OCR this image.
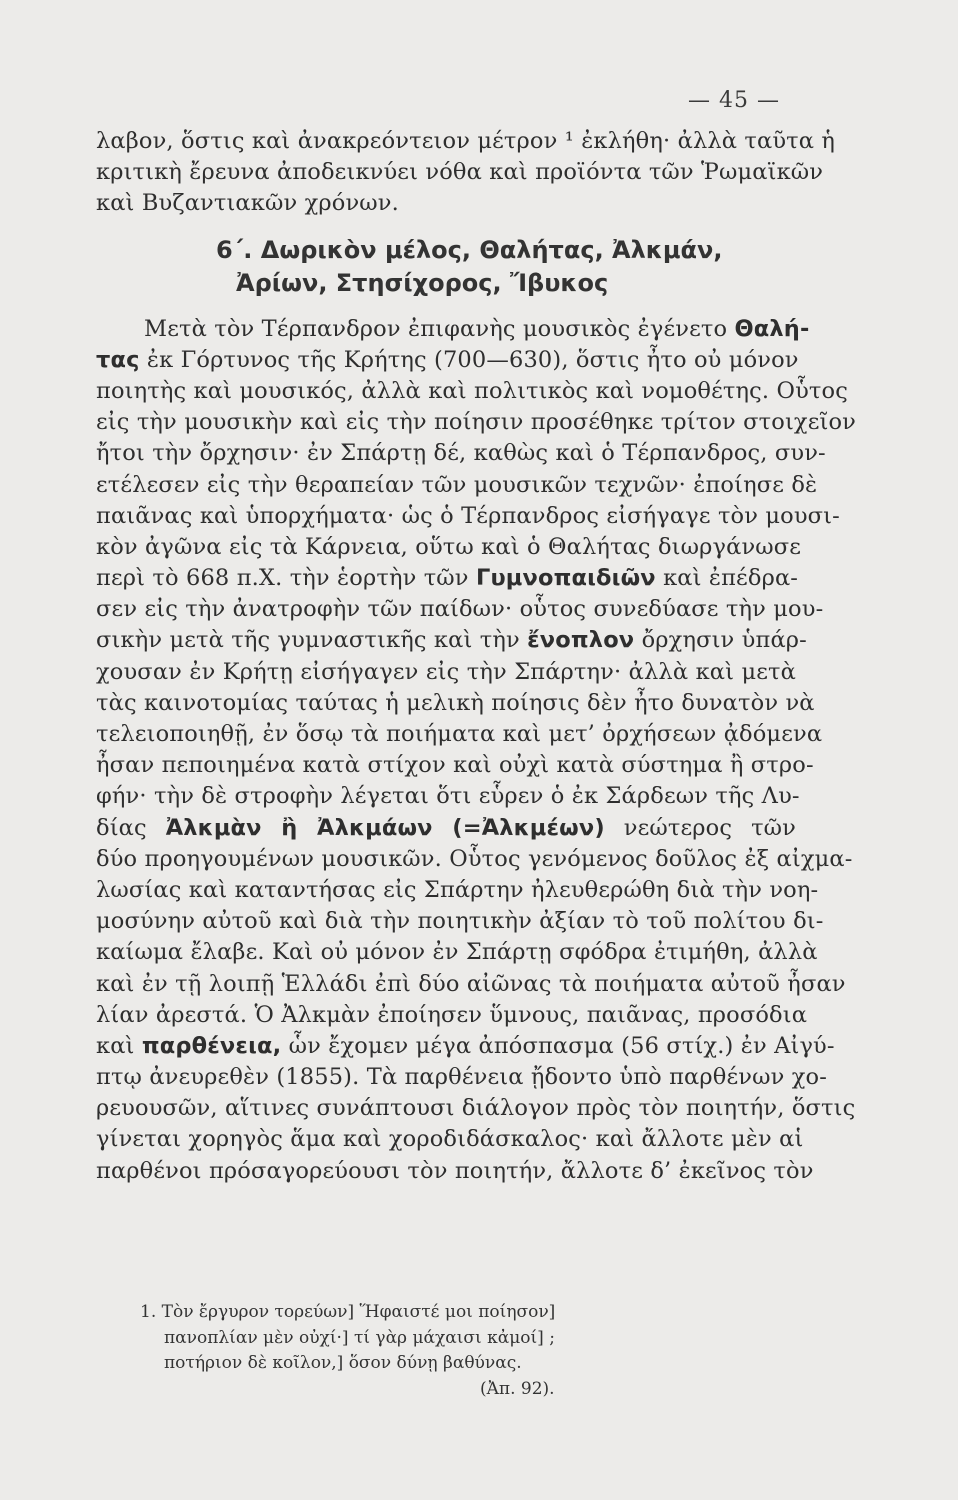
— 45 —
λαβον, ὅστις καὶ ἀνακρεόντειον μέτρον ¹ ἐκλήθη· ἀλλὰ ταῦτα ἡ
κριτικὴ ἔρευνα ἀποδεικνύει νόθα καὶ προϊόντα τῶν Ῥωμαϊκῶν
καὶ Βυζαντιακῶν χρόνων.
6΄. Δωρικὸν μέλος, Θαλήτας, Ἀλκμάν,
Ἀρίων, Στησίχορος, Ἴβυκος
Μετὰ τὸν Τέρπανδρον ἐπιφανὴς μουσικὸς ἐγένετο Θαλή-
τας ἐκ Γόρτυνος τῆς Κρήτης (700—630), ὅστις ἦτο οὐ μόνον
ποιητὴς καὶ μουσικός, ἀλλὰ καὶ πολιτικὸς καὶ νομοθέτης. Οὗτος
εἰς τὴν μουσικὴν καὶ εἰς τὴν ποίησιν προσέθηκε τρίτον στοιχεῖον
ἤτοι τὴν ὄρχησιν· ἐν Σπάρτῃ δέ, καθὼς καὶ ὁ Τέρπανδρος, συν-
ετέλεσεν εἰς τὴν θεραπείαν τῶν μουσικῶν τεχνῶν· ἐποίησε δὲ
παιᾶνας καὶ ὑπορχήματα· ὡς ὁ Τέρπανδρος εἰσήγαγε τὸν μουσι-
κὸν ἀγῶνα εἰς τὰ Κάρνεια, οὕτω καὶ ὁ Θαλήτας διωργάνωσε
περὶ τὸ 668 π.Χ. τὴν ἑορτὴν τῶν Γυμνοπαιδιῶν καὶ ἐπέδρα-
σεν εἰς τὴν ἀνατροφὴν τῶν παίδων· οὗτος συνεδύασε τὴν μου-
σικὴν μετὰ τῆς γυμναστικῆς καὶ τὴν ἔνοπλον ὄρχησιν ὑπάρ-
χουσαν ἐν Κρήτῃ εἰσήγαγεν εἰς τὴν Σπάρτην· ἀλλὰ καὶ μετὰ
τὰς καινοτομίας ταύτας ἡ μελικὴ ποίησις δὲν ἦτο δυνατὸν νὰ
τελειοποιηθῇ, ἐν ὅσῳ τὰ ποιήματα καὶ μετ’ ὀρχήσεων ᾀδόμενα
ἦσαν πεποιημένα κατὰ στίχον καὶ οὐχὶ κατὰ σύστημα ἢ στρο-
φήν· τὴν δὲ στροφὴν λέγεται ὅτι εὗρεν ὁ ἐκ Σάρδεων τῆς Λυ-
δίας Ἀλκμὰν ἢ Ἀλκμάων (=Ἀλκμέων) νεώτερος τῶν
δύο προηγουμένων μουσικῶν. Οὗτος γενόμενος δοῦλος ἐξ αἰχμα-
λωσίας καὶ καταντήσας εἰς Σπάρτην ἠλευθερώθη διὰ τὴν νοη-
μοσύνην αὐτοῦ καὶ διὰ τὴν ποιητικὴν ἀξίαν τὸ τοῦ πολίτου δι-
καίωμα ἔλαβε. Καὶ οὐ μόνον ἐν Σπάρτῃ σφόδρα ἐτιμήθη, ἀλλὰ
καὶ ἐν τῇ λοιπῇ Ἑλλάδι ἐπὶ δύο αἰῶνας τὰ ποιήματα αὐτοῦ ἦσαν
λίαν ἀρεστά. Ὁ Ἀλκμὰν ἐποίησεν ὕμνους, παιᾶνας, προσόδια
καὶ παρθένεια, ὧν ἔχομεν μέγα ἀπόσπασμα (56 στίχ.) ἐν Αἰγύ-
πτῳ ἀνευρεθὲν (1855). Τὰ παρθένεια ᾔδοντο ὑπὸ παρθένων χο-
ρευουσῶν, αἵτινες συνάπτουσι διάλογον πρὸς τὸν ποιητήν, ὅστις
γίνεται χορηγὸς ἅμα καὶ χοροδιδάσκαλος· καὶ ἄλλοτε μὲν αἱ
παρθένοι πρόσαγορεύουσι τὸν ποιητήν, ἄλλοτε δ’ ἐκεῖνος τὸν
1. Τὸν ἔργυρον τορεύων] Ἥφαιστέ μοι ποίησον]
πανοπλίαν μὲν οὐχί·] τί γὰρ μάχαισι κἀμοί] ;
ποτήριον δὲ κοῖλον,] ὅσον δύνῃ βαθύνας.
(Ἀπ. 92).
